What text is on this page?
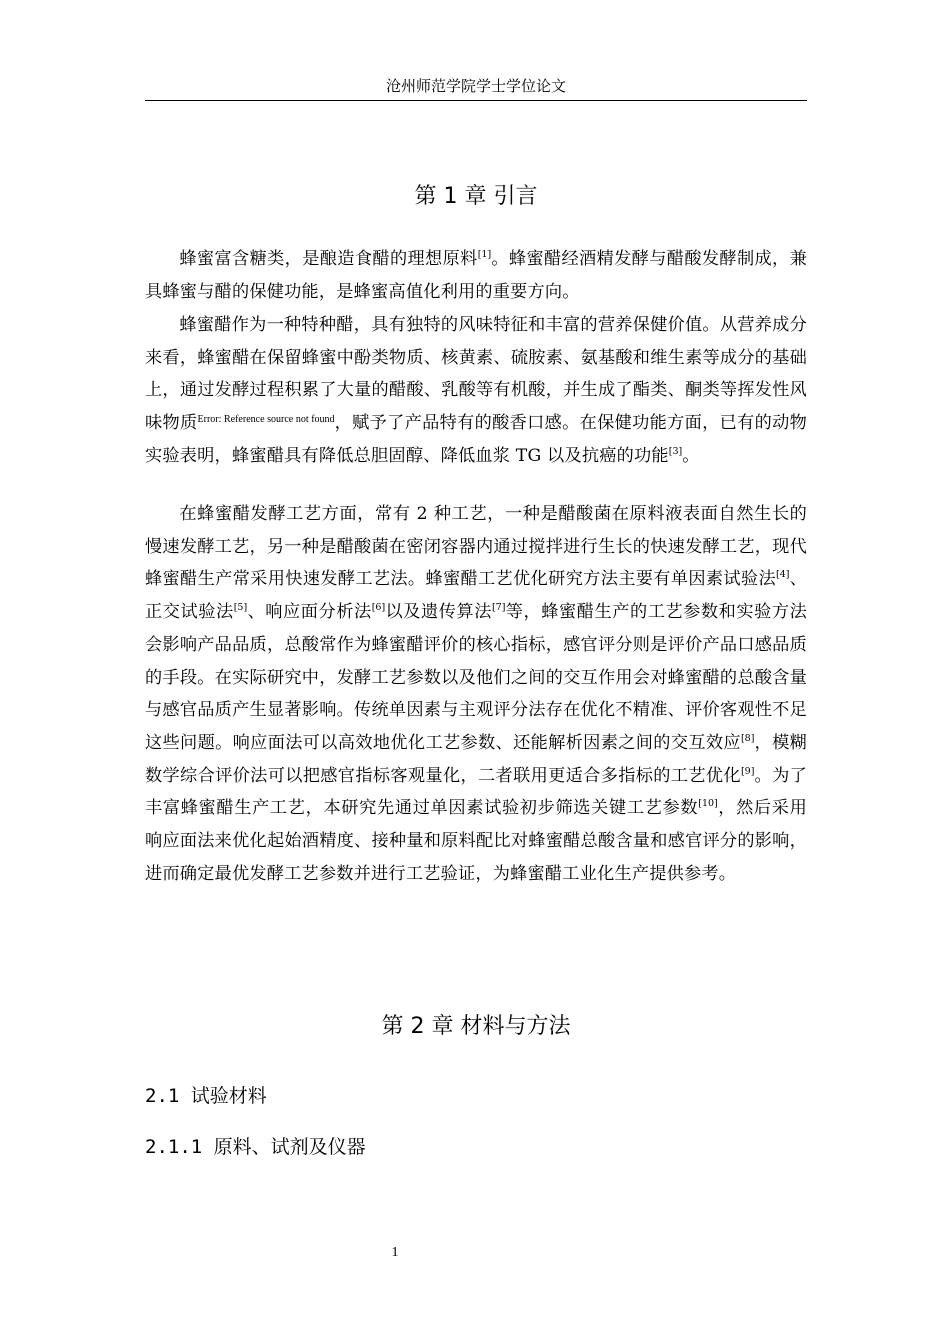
沧州师范学院学士学位论文
第 1 章 引言

蜂蜜富含糖类，是酿造食醋的理想原料[1]。蜂蜜醋经酒精发酵与醋酸发酵制成，兼具蜂蜜与醋的保健功能，是蜂蜜高值化利用的重要方向。

蜂蜜醋作为一种特种醋，具有独特的风味特征和丰富的营养保健价值。从营养成分来看，蜂蜜醋在保留蜂蜜中酚类物质、核黄素、硫胺素、氨基酸和维生素等成分的基础上，通过发酵过程积累了大量的醋酸、乳酸等有机酸，并生成了酯类、酮类等挥发性风味物质$^{Error: Reference source not found}$，赋予了产品特有的酸香口感。在保健功能方面，已有的动物实验表明，蜂蜜醋具有降低总胆固醇、降低血浆 TG 以及抗癌的功能[3]。

在蜂蜜醋发酵工艺方面，常有 2 种工艺，一种是醋酸菌在原料液表面自然生长的慢速发酵工艺，另一种是醋酸菌在密闭容器内通过搅拌进行生长的快速发酵工艺，现代蜂蜜醋生产常采用快速发酵工艺法。蜂蜜醋工艺优化研究方法主要有单因素试验法[4]、正交试验法[5]、响应面分析法[6]以及遗传算法[7]等，蜂蜜醋生产的工艺参数和实验方法会影响产品品质，总酸常作为蜂蜜醋评价的核心指标，感官评分则是评价产品口感品质的手段。在实际研究中，发酵工艺参数以及他们之间的交互作用会对蜂蜜醋的总酸含量与感官品质产生显著影响。传统单因素与主观评分法存在优化不精准、评价客观性不足这些问题。响应面法可以高效地优化工艺参数、还能解析因素之间的交互效应[8]，模糊数学综合评价法可以把感官指标客观量化，二者联用更适合多指标的工艺优化[9]。为了丰富蜂蜜醋生产工艺，本研究先通过单因素试验初步筛选关键工艺参数[10]，然后采用响应面法来优化起始酒精度、接种量和原料配比对蜂蜜醋总酸含量和感官评分的影响，进而确定最优发酵工艺参数并进行工艺验证，为蜂蜜醋工业化生产提供参考。

第 2 章 材料与方法
2.1 试验材料
2.1.1 原料、试剂及仪器
1
